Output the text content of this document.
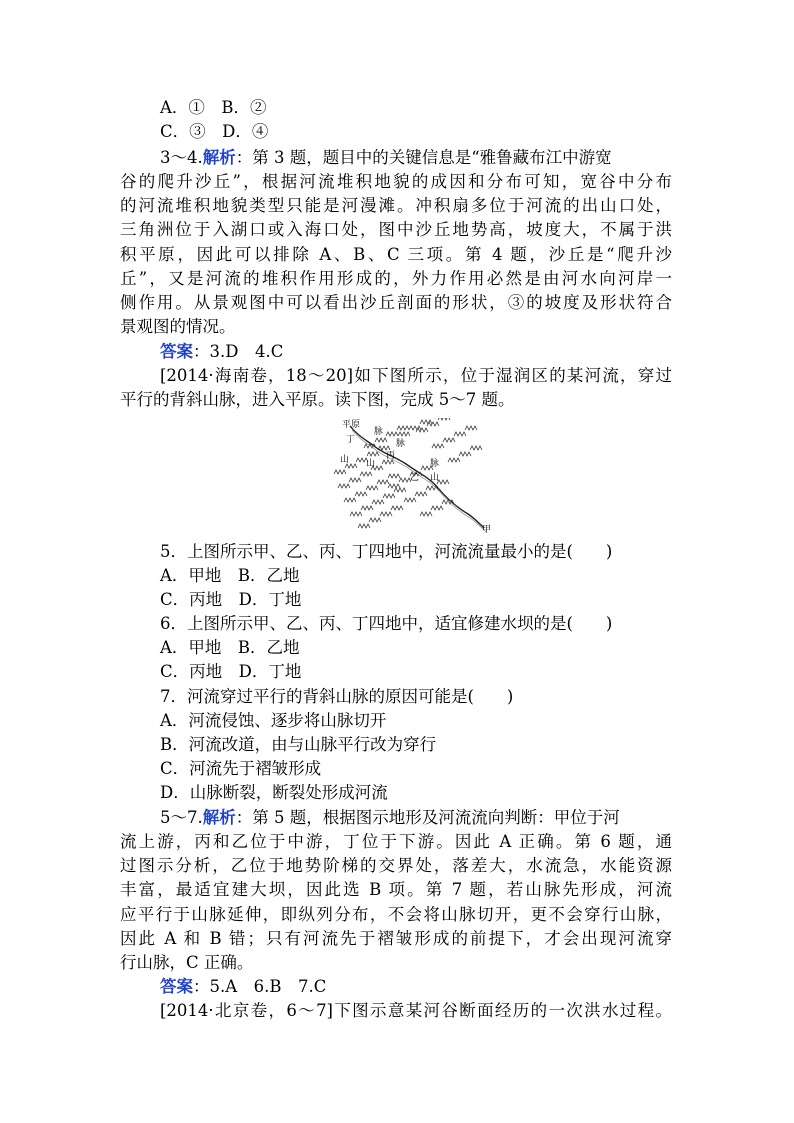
A．①　B．②
C．③　D．④
3～4.解析：第 3 题，题目中的关键信息是“雅鲁藏布江中游宽
谷的爬升沙丘”，根据河流堆积地貌的成因和分布可知，宽谷中分布
的河流堆积地貌类型只能是河漫滩。冲积扇多位于河流的出山口处，
三角洲位于入湖口或入海口处，图中沙丘地势高，坡度大，不属于洪
积平原，因此可以排除 A、B、C 三项。第 4 题，沙丘是“爬升沙
丘”，又是河流的堆积作用形成的，外力作用必然是由河水向河岸一
侧作用。从景观图中可以看出沙丘剖面的形状，③的坡度及形状符合
景观图的情况。
答案：3.D　4.C
[2014·海南卷，18～20]如下图所示，位于湿润区的某河流，穿过
平行的背斜山脉，进入平原。读下图，完成 5～7 题。
平原
丁
丙
乙
甲
山
脉
脉
脉
山
山
5．上图所示甲、乙、丙、丁四地中，河流流量最小的是(　　)
A．甲地　B．乙地
C．丙地　D．丁地
6．上图所示甲、乙、丙、丁四地中，适宜修建水坝的是(　　)
A．甲地　B．乙地
C．丙地　D．丁地
7．河流穿过平行的背斜山脉的原因可能是(　　)
A．河流侵蚀、逐步将山脉切开
B．河流改道，由与山脉平行改为穿行
C．河流先于褶皱形成
D．山脉断裂，断裂处形成河流
5～7.解析：第 5 题，根据图示地形及河流流向判断：甲位于河
流上游，丙和乙位于中游，丁位于下游。因此 A 正确。第 6 题，通
过图示分析，乙位于地势阶梯的交界处，落差大，水流急，水能资源
丰富，最适宜建大坝，因此选 B 项。第 7 题，若山脉先形成，河流
应平行于山脉延伸，即纵列分布，不会将山脉切开，更不会穿行山脉，
因此 A 和 B 错；只有河流先于褶皱形成的前提下，才会出现河流穿
行山脉，C 正确。
答案：5.A　6.B　7.C
[2014·北京卷，6～7]下图示意某河谷断面经历的一次洪水过程。
